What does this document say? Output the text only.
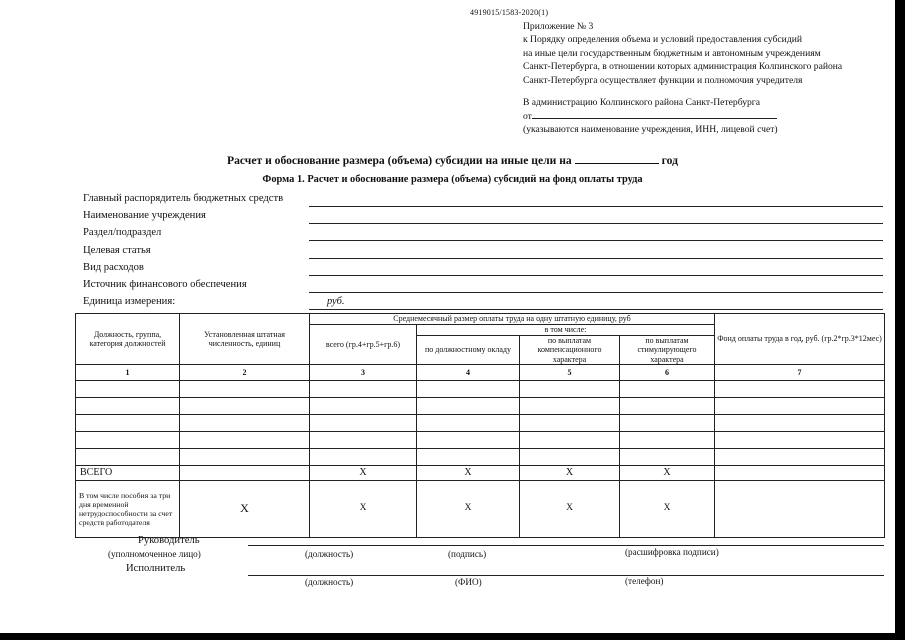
4919015/1583-2020(1)
Приложение № 3
к Порядку определения объема и условий предоставления субсидий
на иные цели государственным бюджетным и автономным учреждениям
Санкт-Петербурга, в отношении которых администрация Колпинского района
Санкт-Петербурга осуществляет функции и полномочия учредителя
В администрацию Колпинского района Санкт-Петербурга
от
(указываются наименование учреждения, ИНН, лицевой счет)
Расчет и обоснование размера (объема) субсидии на иные цели на	год
Форма 1. Расчет и обоснование размера (объема) субсидий на фонд оплаты труда
Главный распорядитель бюджетных средств
Наименование учреждения
Раздел/подраздел
Целевая статья
Вид расходов
Источник финансового обеспечения
Единица измерения:	руб.
Должность, группа, категория должностей	Установленная штатная численность, единиц	Среднемесячный размер оплаты труда на одну штатную единицу, руб				Фонд оплаты труда в год, руб. (гр.2*гр.3*12мес)
		всего (гр.4+гр.5+гр.6)	в том числе:			
			по должностному окладу	по выплатам компенсационного характера	по выплатам стимулирующего характера	
1	2	3	4	5	6	7

ВСЕГО		Х	Х	Х	Х	
В том числе пособия за три дня временной нетрудоспособности за счет средств работодателя	Х	Х	Х	Х	Х	
Руководитель
(уполномоченное лицо)	(должность)	(подпись)	(расшифровка подписи)
Исполнитель
(должность)	(ФИО)	(телефон)
